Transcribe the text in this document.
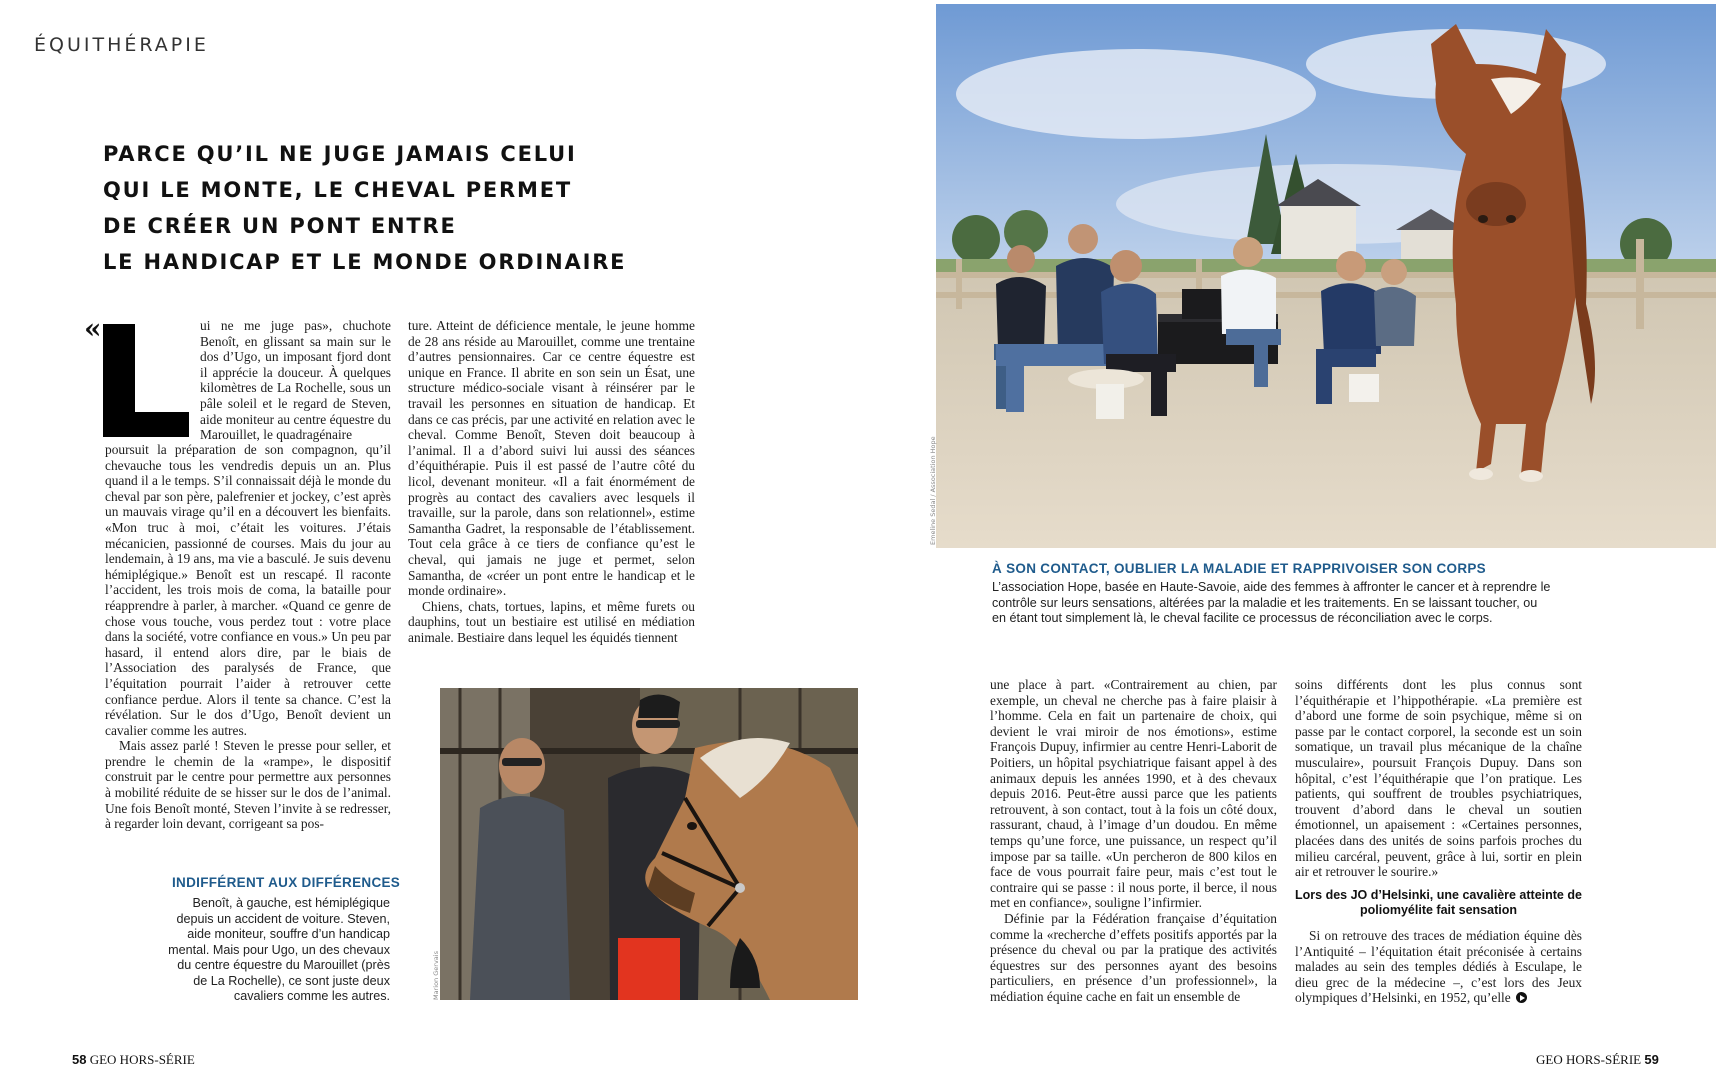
ÉQUITHÉRAPIE
PARCE QU’IL NE JUGE JAMAIS CELUI
QUI LE MONTE, LE CHEVAL PERMET
DE CRÉER UN PONT ENTRE
LE HANDICAP ET LE MONDE ORDINAIRE
«	ui ne me juge pas», chuchote Benoît, en glissant sa main sur le dos d’Ugo, un imposant fjord dont il apprécie la douceur. À quelques kilomètres de La Rochelle, sous un pâle soleil et le regard de Steven, aide moniteur au centre équestre du Marouillet, le quadragénaire

poursuit la préparation de son compagnon, qu’il chevauche tous les vendredis depuis un an. Plus quand il a le temps. S’il connaissait déjà le monde du cheval par son père, palefrenier et jockey, c’est après un mauvais virage qu’il en a découvert les bienfaits. «Mon truc à moi, c’était les voitures. J’étais mécanicien, passionné de courses. Mais du jour au lendemain, à 19 ans, ma vie a basculé. Je suis devenu hémiplégique.» Benoît est un rescapé. Il raconte l’accident, les trois mois de coma, la bataille pour réapprendre à parler, à marcher. «Quand ce genre de chose vous touche, vous perdez tout : votre place dans la société, votre confiance en vous.» Un peu par hasard, il entend alors dire, par le biais de l’Association des paralysés de France, que l’équitation pourrait l’aider à retrouver cette confiance perdue. Alors il tente sa chance. C’est la révélation. Sur le dos d’Ugo, Benoît devient un cavalier comme les autres.

Mais assez parlé ! Steven le presse pour seller, et prendre le chemin de la «rampe», le dispositif construit par le centre pour permettre aux personnes à mobilité réduite de se hisser sur le dos de l’animal. Une fois Benoît monté, Steven l’invite à se redresser, à regarder loin devant, corrigeant sa pos-

ture. Atteint de déficience mentale, le jeune homme de 28 ans réside au Marouillet, comme une trentaine d’autres pensionnaires. Car ce centre équestre est unique en France. Il abrite en son sein un Ésat, une structure médico-sociale visant à réinsérer par le travail les personnes en situation de handicap. Et dans ce cas précis, par une activité en relation avec le cheval. Comme Benoît, Steven doit beaucoup à l’animal. Il a d’abord suivi lui aussi des séances d’équithérapie. Puis il est passé de l’autre côté du licol, devenant moniteur. «Il a fait énormément de progrès au contact des cavaliers avec lesquels il travaille, sur la parole, dans son relationnel», estime Samantha Gadret, la responsable de l’établissement. Tout cela grâce à ce tiers de confiance qu’est le cheval, qui jamais ne juge et permet, selon Samantha, de «créer un pont entre le handicap et le monde ordinaire».

Chiens, chats, tortues, lapins, et même furets ou dauphins, tout un bestiaire est utilisé en médiation animale. Bestiaire dans lequel les équidés tiennent

Marion Gervais
INDIFFÉRENT AUX DIFFÉRENCES
Benoît, à gauche, est hémiplégique depuis un accident de voiture. Steven, aide moniteur, souffre d’un handicap mental. Mais pour Ugo, un des chevaux du centre équestre du Marouillet (près de La Rochelle), ce sont juste deux cavaliers comme les autres.
Emeline Sedal / Association Hope
À SON CONTACT, OUBLIER LA MALADIE ET RAPPRIVOISER SON CORPS
L’association Hope, basée en Haute-Savoie, aide des femmes à affronter le cancer et à reprendre le contrôle sur leurs sensations, altérées par la maladie et les traitements. En se laissant toucher, ou en étant tout simplement là, le cheval facilite ce processus de réconciliation avec le corps.

une place à part. «Contrairement au chien, par exemple, un cheval ne cherche pas à faire plaisir à l’homme. Cela en fait un partenaire de choix, qui devient le vrai miroir de nos émotions», estime François Dupuy, infirmier au centre Henri-Laborit de Poitiers, un hôpital psychiatrique faisant appel à des animaux depuis les années 1990, et à des chevaux depuis 2016. Peut-être aussi parce que les patients retrouvent, à son contact, tout à la fois un côté doux, rassurant, chaud, à l’image d’un doudou. En même temps qu’une force, une puissance, un respect qu’il impose par sa taille. «Un percheron de 800 kilos en face de vous pourrait faire peur, mais c’est tout le contraire qui se passe : il nous porte, il berce, il nous met en confiance», souligne l’infirmier.

Définie par la Fédération française d’équitation comme la «recherche d’effets positifs apportés par la présence du cheval ou par la pratique des activités équestres sur des personnes ayant des besoins particuliers, en présence d’un professionnel», la médiation équine cache en fait un ensemble de

soins différents dont les plus connus sont l’équithérapie et l’hippothérapie. «La première est d’abord une forme de soin psychique, même si on passe par le contact corporel, la seconde est un soin somatique, un travail plus mécanique de la chaîne musculaire», poursuit François Dupuy. Dans son hôpital, c’est l’équithérapie que l’on pratique. Les patients, qui souffrent de troubles psychiatriques, trouvent d’abord dans le cheval un soutien émotionnel, un apaisement : «Certaines personnes, placées dans des unités de soins parfois proches du milieu carcéral, peuvent, grâce à lui, sortir en plein air et retrouver le sourire.»

Lors des JO d’Helsinki, une cavalière atteinte de poliomyélite fait sensation

Si on retrouve des traces de médiation équine dès l’Antiquité – l’équitation était préconisée à certains malades au sein des temples dédiés à Esculape, le dieu grec de la médecine –, c’est lors des Jeux olympiques d’Helsinki, en 1952, qu’elle

58 GEO HORS-SÉRIE	GEO HORS-SÉRIE 59
